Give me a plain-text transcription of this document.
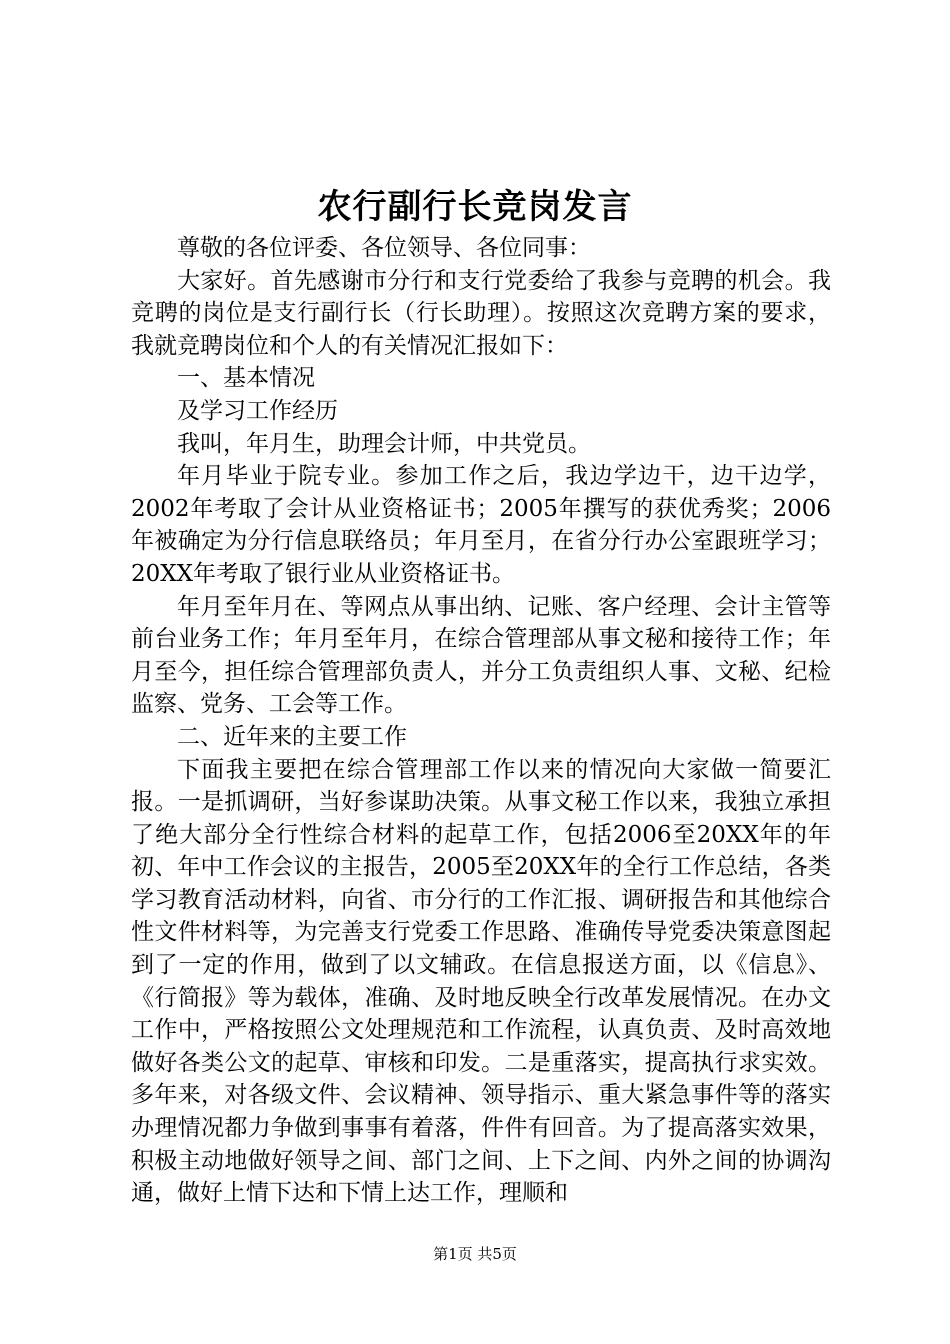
农行副行长竞岗发言

尊敬的各位评委、各位领导、各位同事：

大家好。首先感谢市分行和支行党委给了我参与竞聘的机会。我竞聘的岗位是支行副行长（行长助理）。按照这次竞聘方案的要求，我就竞聘岗位和个人的有关情况汇报如下：

一、基本情况

及学习工作经历

我叫，年月生，助理会计师，中共党员。

年月毕业于院专业。参加工作之后，我边学边干，边干边学，2002年考取了会计从业资格证书；2005年撰写的获优秀奖；2006年被确定为分行信息联络员；年月至月，在省分行办公室跟班学习；20XX年考取了银行业从业资格证书。

年月至年月在、等网点从事出纳、记账、客户经理、会计主管等前台业务工作；年月至年月，在综合管理部从事文秘和接待工作；年月至今，担任综合管理部负责人，并分工负责组织人事、文秘、纪检监察、党务、工会等工作。

二、近年来的主要工作

下面我主要把在综合管理部工作以来的情况向大家做一简要汇报。一是抓调研，当好参谋助决策。从事文秘工作以来，我独立承担了绝大部分全行性综合材料的起草工作，包括2006至20XX年的年初、年中工作会议的主报告，2005至20XX年的全行工作总结，各类学习教育活动材料，向省、市分行的工作汇报、调研报告和其他综合性文件材料等，为完善支行党委工作思路、准确传导党委决策意图起到了一定的作用，做到了以文辅政。在信息报送方面，以《信息》、《行简报》等为载体，准确、及时地反映全行改革发展情况。在办文工作中，严格按照公文处理规范和工作流程，认真负责、及时高效地做好各类公文的起草、审核和印发。二是重落实，提高执行求实效。多年来，对各级文件、会议精神、领导指示、重大紧急事件等的落实办理情况都力争做到事事有着落，件件有回音。为了提高落实效果，积极主动地做好领导之间、部门之间、上下之间、内外之间的协调沟通，做好上情下达和下情上达工作，理顺和

第1页 共5页
